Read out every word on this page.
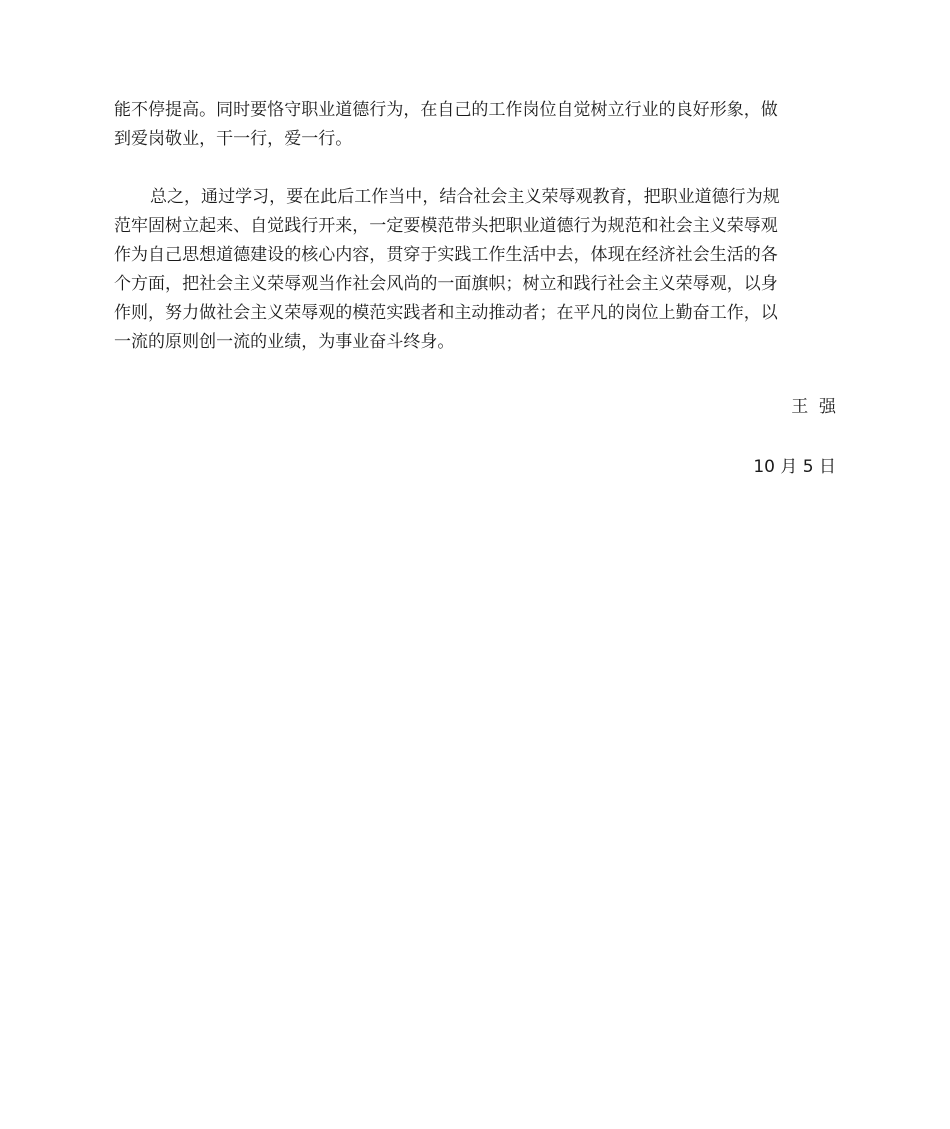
能不停提高。同时要恪守职业道德行为，在自己的工作岗位自觉树立行业的良好形象，做
到爱岗敬业，干一行，爱一行。

总之，通过学习，要在此后工作当中，结合社会主义荣辱观教育，把职业道德行为规
范牢固树立起来、自觉践行开来，一定要模范带头把职业道德行为规范和社会主义荣辱观
作为自己思想道德建设的核心内容，贯穿于实践工作生活中去，体现在经济社会生活的各
个方面，把社会主义荣辱观当作社会风尚的一面旗帜；树立和践行社会主义荣辱观，以身
作则，努力做社会主义荣辱观的模范实践者和主动推动者；在平凡的岗位上勤奋工作，以
一流的原则创一流的业绩，为事业奋斗终身。

王  强
10 月 5 日
